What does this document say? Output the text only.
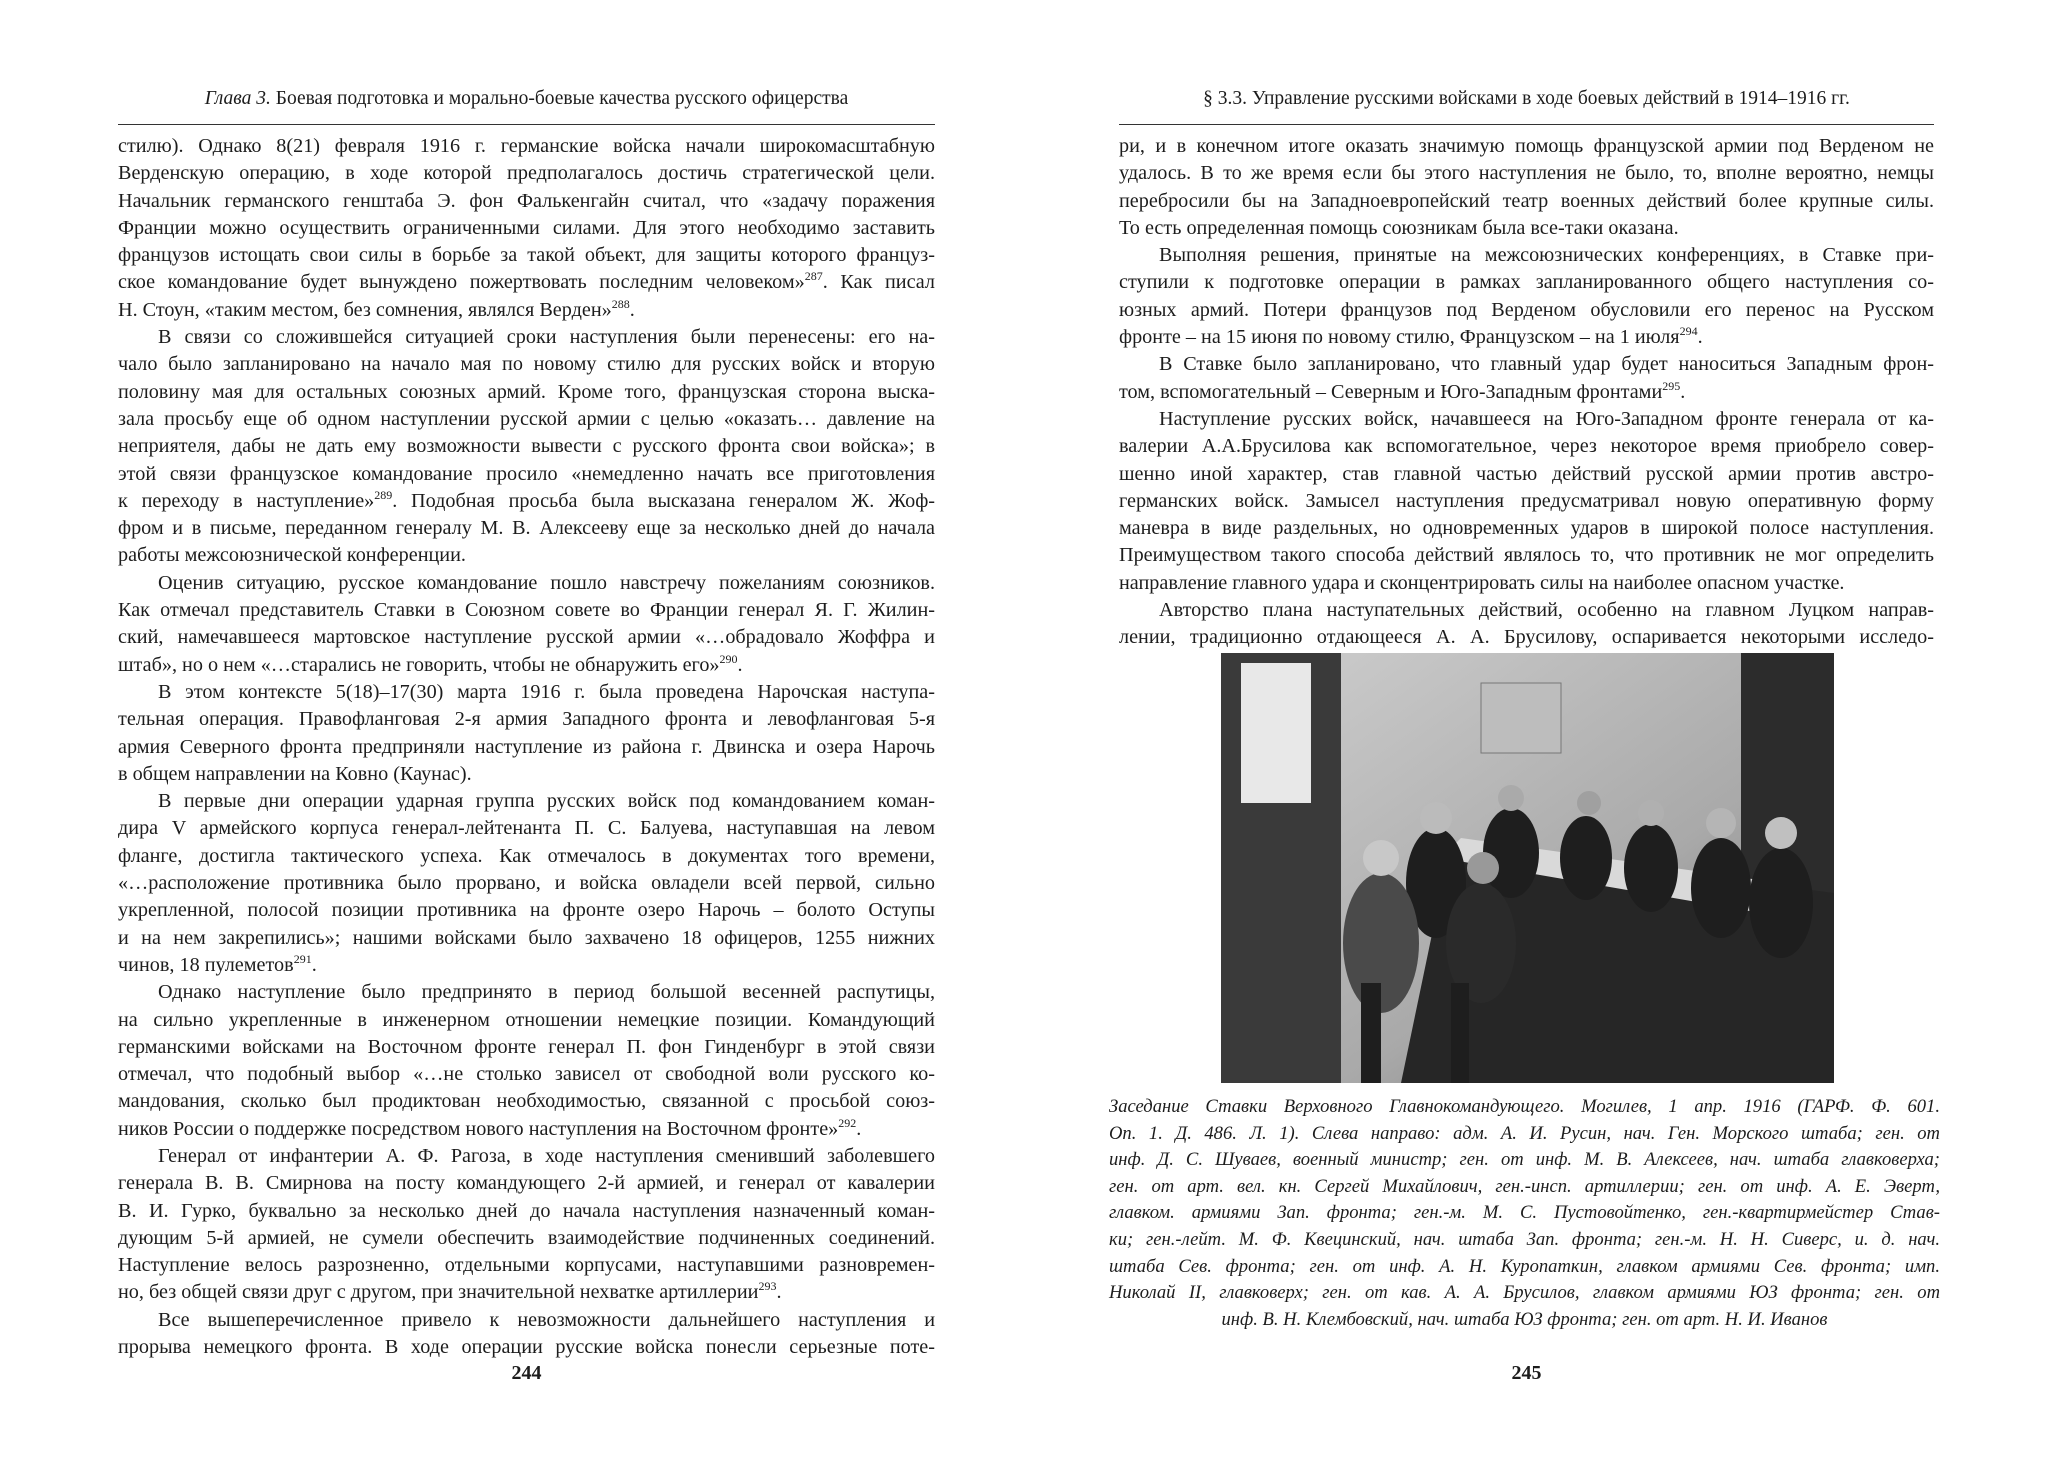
Глава 3. Боевая подготовка и морально-боевые качества русского офицерства
стилю). Однако 8(21) февраля 1916 г. германские войска начали широкомасштабную
Верденскую операцию, в ходе которой предполагалось достичь стратегической цели.
Начальник германского генштаба Э. фон Фалькенгайн считал, что «задачу поражения
Франции можно осуществить ограниченными силами. Для этого необходимо заставить
французов истощать свои силы в борьбе за такой объект, для защиты которого француз-
ское командование будет вынуждено пожертвовать последним человеком»$^{287}$. Как писал
Н. Стоун, «таким местом, без сомнения, являлся Верден»$^{288}$.
В связи со сложившейся ситуацией сроки наступления были перенесены: его на-
чало было запланировано на начало мая по новому стилю для русских войск и вторую
половину мая для остальных союзных армий. Кроме того, французская сторона выска-
зала просьбу еще об одном наступлении русской армии с целью «оказать… давление на
неприятеля, дабы не дать ему возможности вывести с русского фронта свои войска»; в
этой связи французское командование просило «немедленно начать все приготовления
к переходу в наступление»$^{289}$. Подобная просьба была высказана генералом Ж. Жоф-
фром и в письме, переданном генералу М. В. Алексееву еще за несколько дней до начала
работы межсоюзнической конференции.
Оценив ситуацию, русское командование пошло навстречу пожеланиям союзников.
Как отмечал представитель Ставки в Союзном совете во Франции генерал Я. Г. Жилин-
ский, намечавшееся мартовское наступление русской армии «…обрадовало Жоффра и
штаб», но о нем «…старались не говорить, чтобы не обнаружить его»$^{290}$.
В этом контексте 5(18)–17(30) марта 1916 г. была проведена Нарочская наступа-
тельная операция. Правофланговая 2-я армия Западного фронта и левофланговая 5-я
армия Северного фронта предприняли наступление из района г. Двинска и озера Нарочь
в общем направлении на Ковно (Каунас).
В первые дни операции ударная группа русских войск под командованием коман-
дира V армейского корпуса генерал-лейтенанта П. С. Балуева, наступавшая на левом
фланге, достигла тактического успеха. Как отмечалось в документах того времени,
«…расположение противника было прорвано, и войска овладели всей первой, сильно
укрепленной, полосой позиции противника на фронте озеро Нарочь – болото Оступы
и на нем закрепились»; нашими войсками было захвачено 18 офицеров, 1255 нижних
чинов, 18 пулеметов$^{291}$.
Однако наступление было предпринято в период большой весенней распутицы,
на сильно укрепленные в инженерном отношении немецкие позиции. Командующий
германскими войсками на Восточном фронте генерал П. фон Гинденбург в этой связи
отмечал, что подобный выбор «…не столько зависел от свободной воли русского ко-
мандования, сколько был продиктован необходимостью, связанной с просьбой союз-
ников России о поддержке посредством нового наступления на Восточном фронте»$^{292}$.
Генерал от инфантерии А. Ф. Рагоза, в ходе наступления сменивший заболевшего
генерала В. В. Смирнова на посту командующего 2-й армией, и генерал от кавалерии
В. И. Гурко, буквально за несколько дней до начала наступления назначенный коман-
дующим 5-й армией, не сумели обеспечить взаимодействие подчиненных соединений.
Наступление велось разрозненно, отдельными корпусами, наступавшими разновремен-
но, без общей связи друг с другом, при значительной нехватке артиллерии$^{293}$.
Все вышеперечисленное привело к невозможности дальнейшего наступления и
прорыва немецкого фронта. В ходе операции русские войска понесли серьезные поте-
244
§ 3.3. Управление русскими войсками в ходе боевых действий в 1914–1916 гг.
ри, и в конечном итоге оказать значимую помощь французской армии под Верденом не
удалось. В то же время если бы этого наступления не было, то, вполне вероятно, немцы
перебросили бы на Западноевропейский театр военных действий более крупные силы.
То есть определенная помощь союзникам была все-таки оказана.
Выполняя решения, принятые на межсоюзнических конференциях, в Ставке при-
ступили к подготовке операции в рамках запланированного общего наступления со-
юзных армий. Потери французов под Верденом обусловили его перенос на Русском
фронте – на 15 июня по новому стилю, Французском – на 1 июля$^{294}$.
В Ставке было запланировано, что главный удар будет наноситься Западным фрон-
том, вспомогательный – Северным и Юго-Западным фронтами$^{295}$.
Наступление русских войск, начавшееся на Юго-Западном фронте генерала от ка-
валерии А.А.Брусилова как вспомогательное, через некоторое время приобрело совер-
шенно иной характер, став главной частью действий русской армии против австро-
германских войск. Замысел наступления предусматривал новую оперативную форму
маневра в виде раздельных, но одновременных ударов в широкой полосе наступления.
Преимуществом такого способа действий являлось то, что противник не мог определить
направление главного удара и сконцентрировать силы на наиболее опасном участке.
Авторство плана наступательных действий, особенно на главном Луцком направ-
лении, традиционно отдающееся А. А. Брусилову, оспаривается некоторыми исследо-
Заседание Ставки Верховного Главнокомандующего. Могилев, 1 апр. 1916 (ГАРФ. Ф. 601.
Оп. 1. Д. 486. Л. 1). Слева направо: адм. А. И. Русин, нач. Ген. Морского штаба; ген. от
инф. Д. С. Шуваев, военный министр; ген. от инф. М. В. Алексеев, нач. штаба главковерха;
ген. от арт. вел. кн. Сергей Михайлович, ген.-инсп. артиллерии; ген. от инф. А. Е. Эверт,
главком. армиями Зап. фронта; ген.-м. М. С. Пустовойтенко, ген.-квартирмейстер Став-
ки; ген.-лейт. М. Ф. Квецинский, нач. штаба Зап. фронта; ген.-м. Н. Н. Сиверс, и. д. нач.
штаба Сев. фронта; ген. от инф. А. Н. Куропаткин, главком армиями Сев. фронта; имп.
Николай II, главковерх; ген. от кав. А. А. Брусилов, главком армиями ЮЗ фронта; ген. от
инф. В. Н. Клембовский, нач. штаба ЮЗ фронта; ген. от арт. Н. И. Иванов
245
